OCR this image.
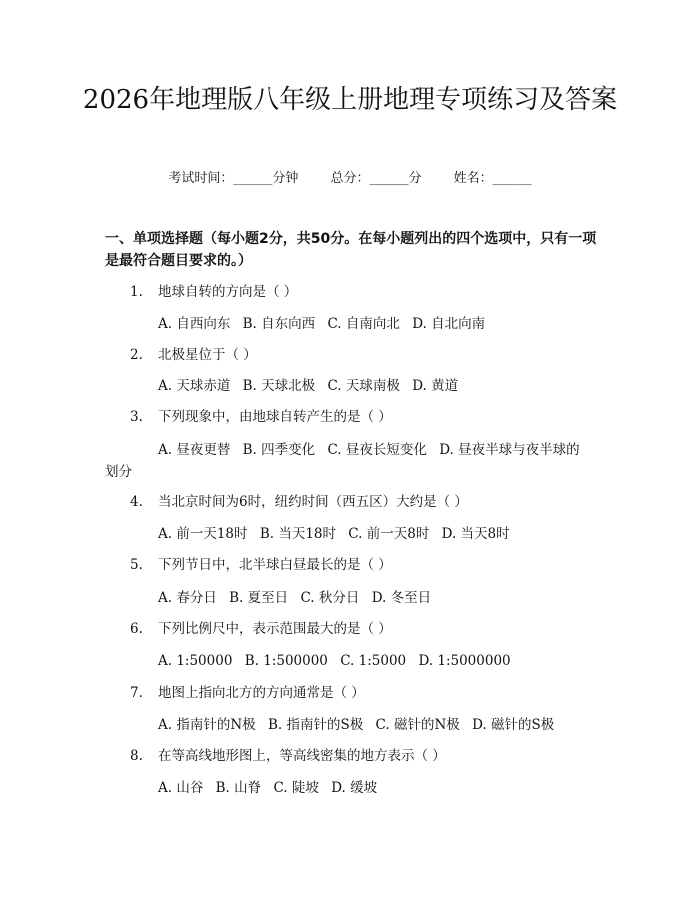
2026年地理版八年级上册地理专项练习及答案
考试时间：______分钟 总分：______分 姓名：______
一、单项选择题（每小题2分，共50分。在每小题列出的四个选项中，只有一项是最符合题目要求的。）
1. 地球自转的方向是（ ）
A. 自西向东 B. 自东向西 C. 自南向北 D. 自北向南
2. 北极星位于（ ）
A. 天球赤道 B. 天球北极 C. 天球南极 D. 黄道
3. 下列现象中，由地球自转产生的是（ ）
A. 昼夜更替 B. 四季变化 C. 昼夜长短变化 D. 昼夜半球与夜半球的
划分
4. 当北京时间为6时，纽约时间（西五区）大约是（ ）
A. 前一天18时 B. 当天18时 C. 前一天8时 D. 当天8时
5. 下列节日中，北半球白昼最长的是（ ）
A. 春分日 B. 夏至日 C. 秋分日 D. 冬至日
6. 下列比例尺中，表示范围最大的是（ ）
A. 1:50000 B. 1:500000 C. 1:5000 D. 1:5000000
7. 地图上指向北方的方向通常是（ ）
A. 指南针的N极 B. 指南针的S极 C. 磁针的N极 D. 磁针的S极
8. 在等高线地形图上，等高线密集的地方表示（ ）
A. 山谷 B. 山脊 C. 陡坡 D. 缓坡
